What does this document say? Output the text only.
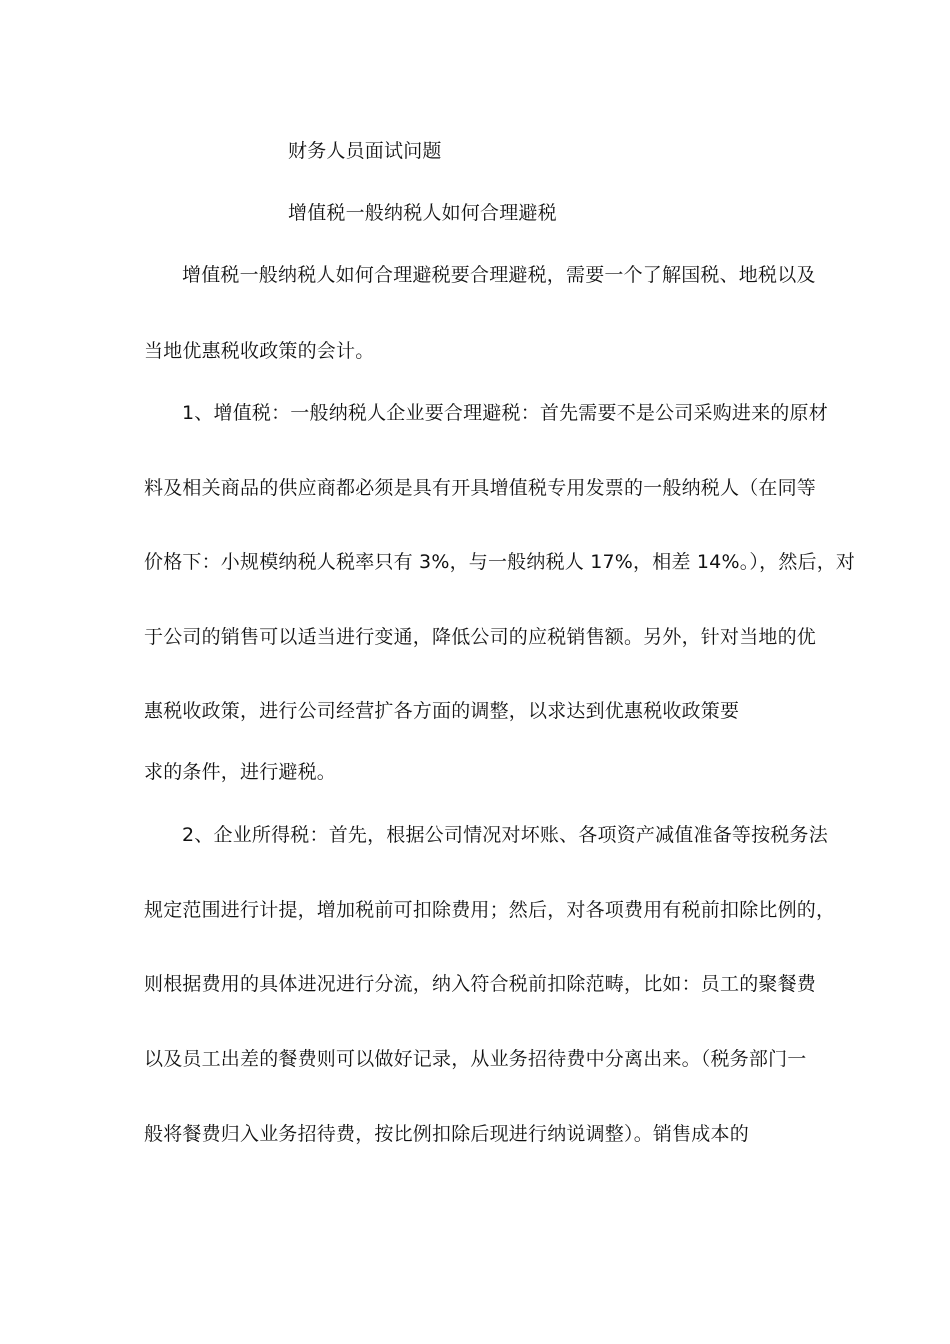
财务人员面试问题
增值税一般纳税人如何合理避税
增值税一般纳税人如何合理避税要合理避税，需要一个了解国税、地税以及
当地优惠税收政策的会计。
1、增值税：一般纳税人企业要合理避税：首先需要不是公司采购进来的原材
料及相关商品的供应商都必须是具有开具增值税专用发票的一般纳税人（在同等
价格下：小规模纳税人税率只有 3%，与一般纳税人 17%，相差 14%。），然后，对
于公司的销售可以适当进行变通，降低公司的应税销售额。另外，针对当地的优
惠税收政策，进行公司经营扩各方面的调整，以求达到优惠税收政策要
求的条件，进行避税。
2、企业所得税：首先，根据公司情况对坏账、各项资产减值准备等按税务法
规定范围进行计提，增加税前可扣除费用；然后，对各项费用有税前扣除比例的，
则根据费用的具体进况进行分流，纳入符合税前扣除范畴，比如：员工的聚餐费
以及员工出差的餐费则可以做好记录，从业务招待费中分离出来。（税务部门一
般将餐费归入业务招待费，按比例扣除后现进行纳说调整）。销售成本的
